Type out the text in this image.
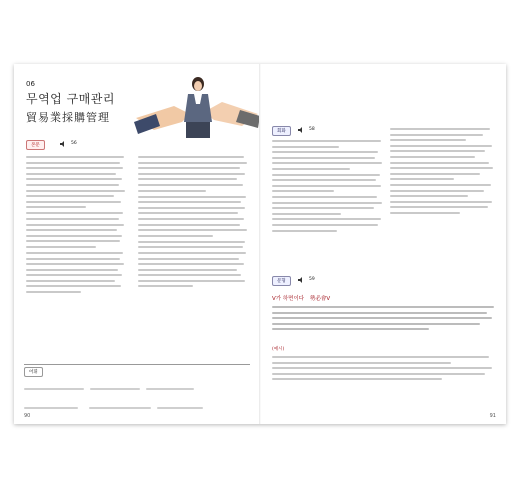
06
무역업 구매관리
貿易業採購管理
본문	56
어휘

90
회화	58
문형	59
V가 하면이다 勢必會V
(예시)
91
